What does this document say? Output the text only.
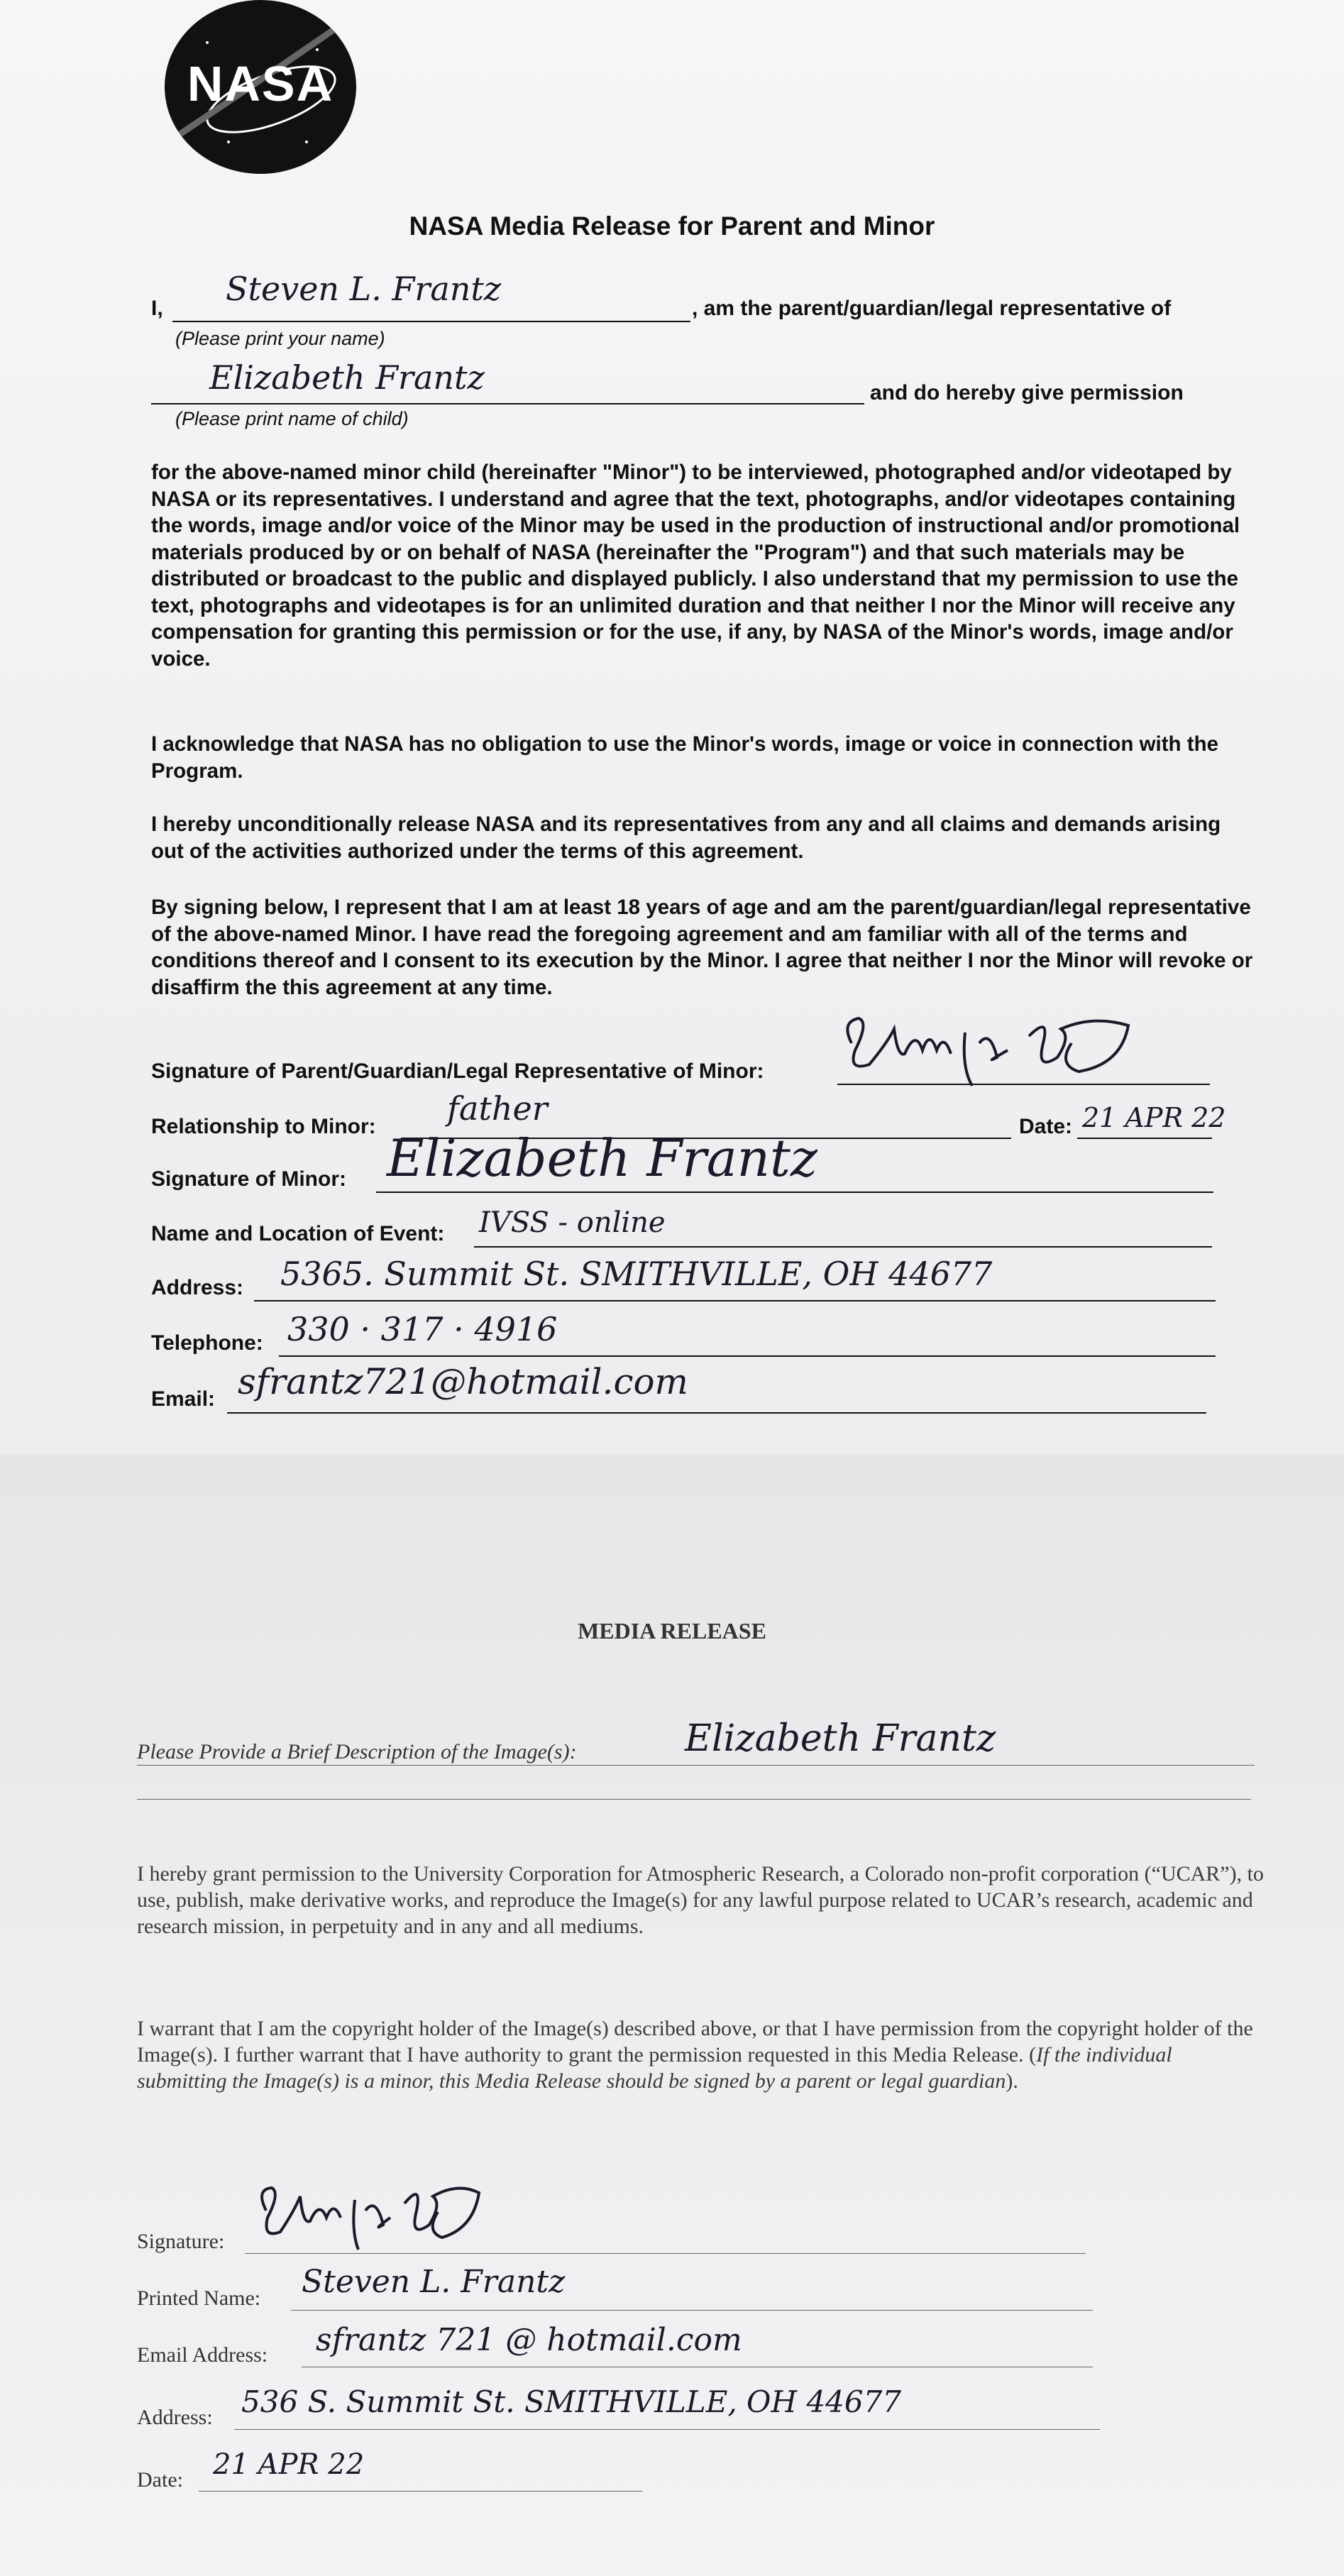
NASA
NASA Media Release for Parent and Minor
I,
Steven L. Frantz
, am the parent/guardian/legal representative of
(Please print your name)
Elizabeth Frantz	and do hereby give permission
(Please print name of child)
for the above-named minor child (hereinafter "Minor") to be interviewed, photographed and/or videotaped by NASA or its representatives. I understand and agree that the text, photographs, and/or videotapes containing the words, image and/or voice of the Minor may be used in the production of instructional and/or promotional materials produced by or on behalf of NASA (hereinafter the "Program") and that such materials may be distributed or broadcast to the public and displayed publicly. I also understand that my permission to use the text, photographs and videotapes is for an unlimited duration and that neither I nor the Minor will receive any compensation for granting this permission or for the use, if any, by NASA of the Minor's words, image and/or voice.
I acknowledge that NASA has no obligation to use the Minor's words, image or voice in connection with the Program.
I hereby unconditionally release NASA and its representatives from any and all claims and demands arising out of the activities authorized under the terms of this agreement.
By signing below, I represent that I am at least 18 years of age and am the parent/guardian/legal representative of the above-named Minor. I have read the foregoing agreement and am familiar with all of the terms and conditions thereof and I consent to its execution by the Minor. I agree that neither I nor the Minor will revoke or disaffirm the this agreement at any time.
Signature of Parent/Guardian/Legal Representative of Minor:
Relationship to Minor: father	Date: 21 APR 22
Signature of Minor: Elizabeth Frantz
Name and Location of Event: IVSS - online
Address: 5365. Summit St. SMITHVILLE, OH 44677
Telephone: 330 · 317 · 4916
Email: sfrantz721@hotmail.com
MEDIA RELEASE
Please Provide a Brief Description of the Image(s):	Elizabeth Frantz
I hereby grant permission to the University Corporation for Atmospheric Research, a Colorado non-profit corporation (“UCAR”), to use, publish, make derivative works, and reproduce the Image(s) for any lawful purpose related to UCAR’s research, academic and research mission, in perpetuity and in any and all mediums.
I warrant that I am the copyright holder of the Image(s) described above, or that I have permission from the copyright holder of the Image(s). I further warrant that I have authority to grant the permission requested in this Media Release. (If the individual submitting the Image(s) is a minor, this Media Release should be signed by a parent or legal guardian).
Signature:
Printed Name: Steven L. Frantz
Email Address: sfrantz 721 @ hotmail.com
Address: 536 S. Summit St. SMITHVILLE, OH 44677
Date: 21 APR 22
